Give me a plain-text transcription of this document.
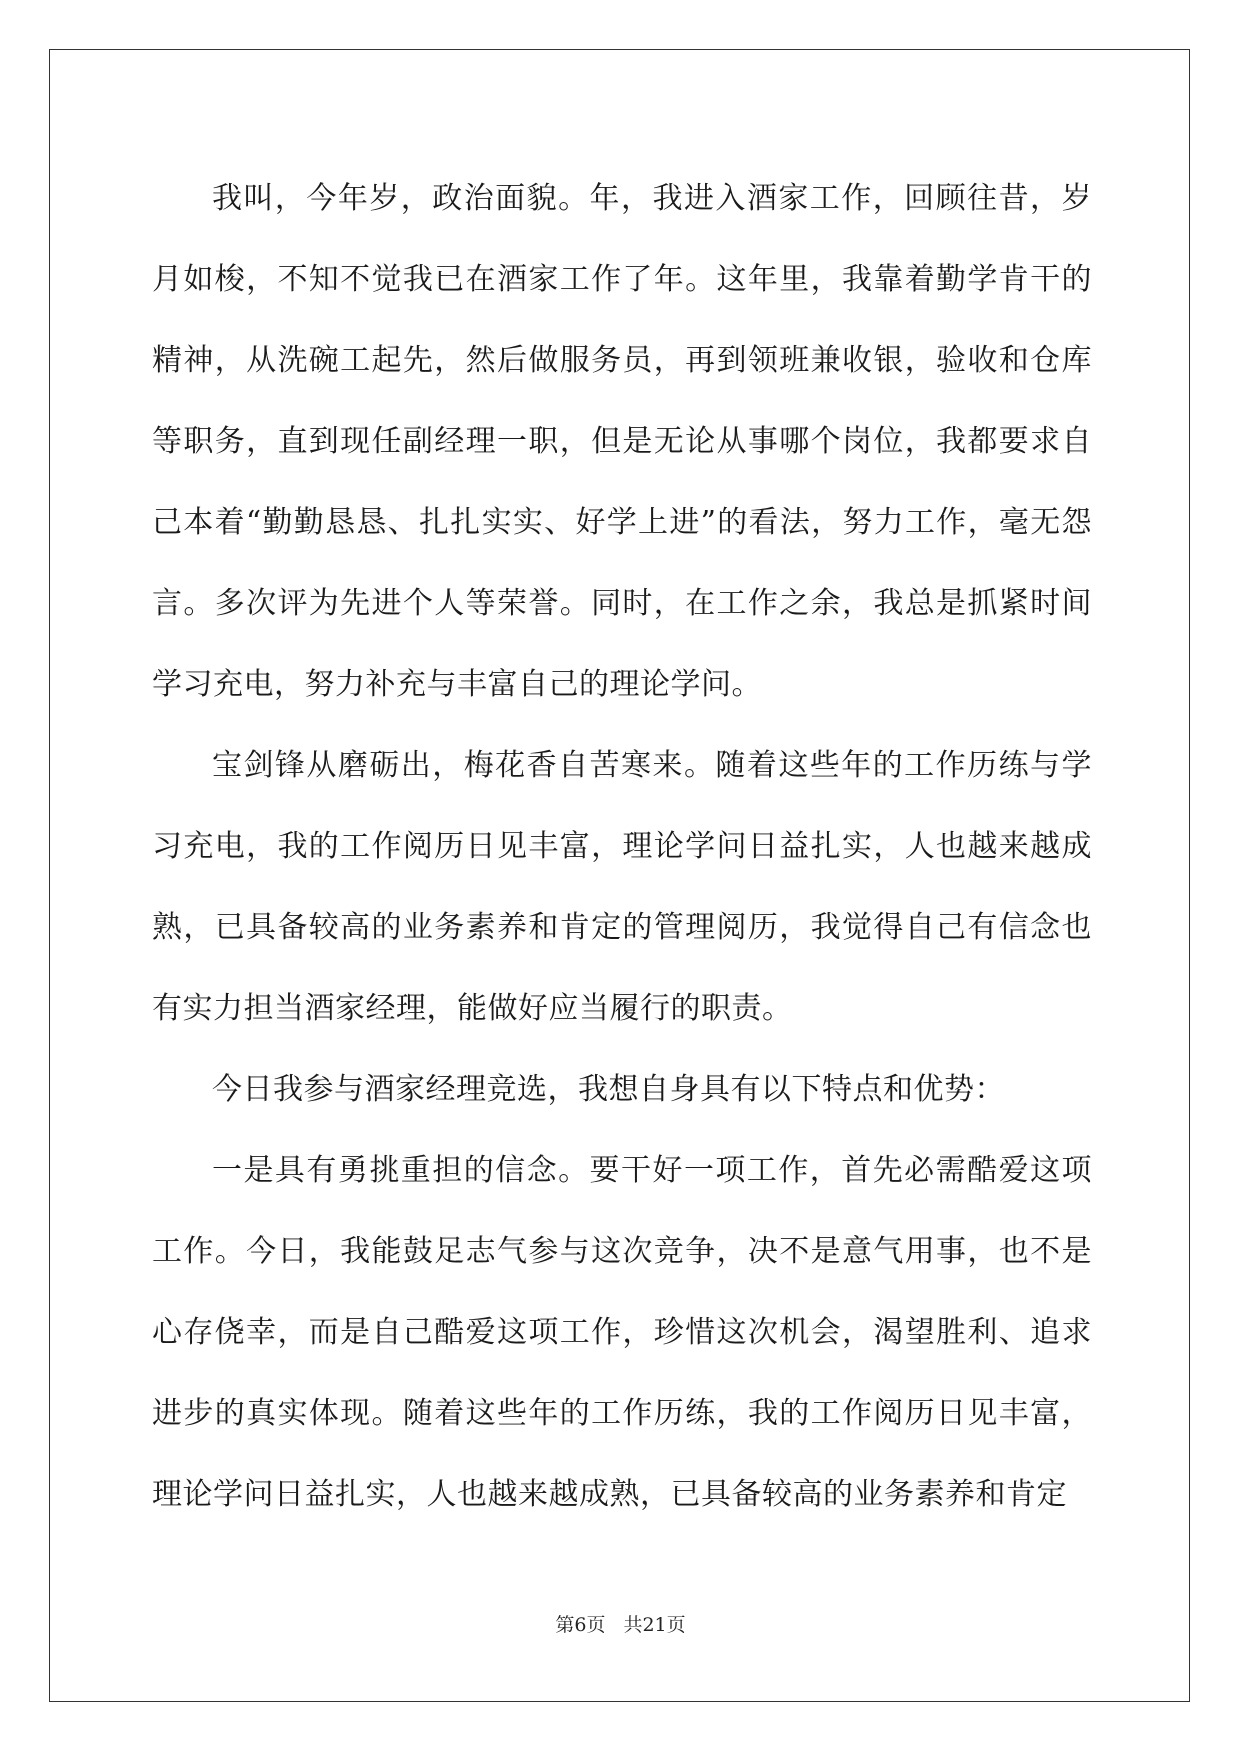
我叫，今年岁，政治面貌。年，我进入酒家工作，回顾往昔，岁月如梭，不知不觉我已在酒家工作了年。这年里，我靠着勤学肯干的精神，从洗碗工起先，然后做服务员，再到领班兼收银，验收和仓库等职务，直到现任副经理一职，但是无论从事哪个岗位，我都要求自己本着“勤勤恳恳、扎扎实实、好学上进”的看法，努力工作，毫无怨言。多次评为先进个人等荣誉。同时，在工作之余，我总是抓紧时间学习充电，努力补充与丰富自己的理论学问。

宝剑锋从磨砺出，梅花香自苦寒来。随着这些年的工作历练与学习充电，我的工作阅历日见丰富，理论学问日益扎实，人也越来越成熟，已具备较高的业务素养和肯定的管理阅历，我觉得自己有信念也有实力担当酒家经理，能做好应当履行的职责。

今日我参与酒家经理竞选，我想自身具有以下特点和优势：

一是具有勇挑重担的信念。要干好一项工作，首先必需酷爱这项工作。今日，我能鼓足志气参与这次竞争，决不是意气用事，也不是心存侥幸，而是自己酷爱这项工作，珍惜这次机会，渴望胜利、追求进步的真实体现。随着这些年的工作历练，我的工作阅历日见丰富，理论学问日益扎实，人也越来越成熟，已具备较高的业务素养和肯定

第6页 共21页
